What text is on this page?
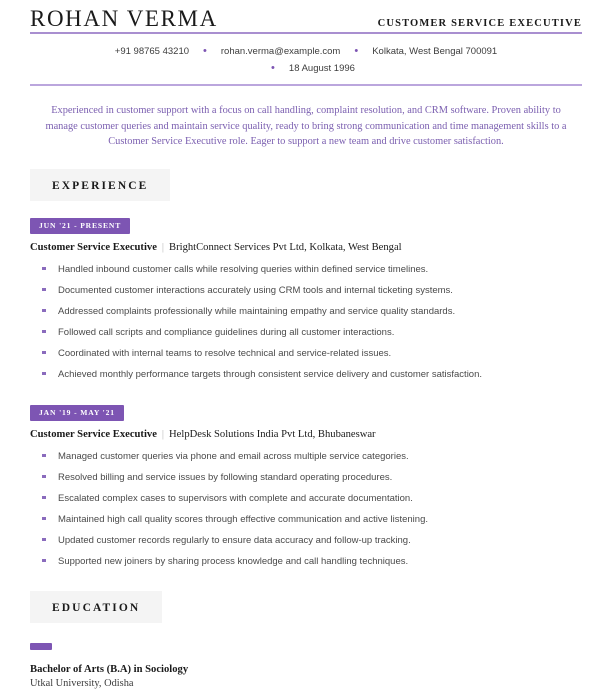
ROHAN VERMA	CUSTOMER SERVICE EXECUTIVE
+91 98765 43210 • rohan.verma@example.com • Kolkata, West Bengal 700091
• 18 August 1996
Experienced in customer support with a focus on call handling, complaint resolution, and CRM software. Proven ability to manage customer queries and maintain service quality, ready to bring strong communication and time management skills to a Customer Service Executive role. Eager to support a new team and drive customer satisfaction.
EXPERIENCE
JUN '21 - PRESENT
Customer Service Executive | BrightConnect Services Pvt Ltd, Kolkata, West Bengal
Handled inbound customer calls while resolving queries within defined service timelines.
Documented customer interactions accurately using CRM tools and internal ticketing systems.
Addressed complaints professionally while maintaining empathy and service quality standards.
Followed call scripts and compliance guidelines during all customer interactions.
Coordinated with internal teams to resolve technical and service-related issues.
Achieved monthly performance targets through consistent service delivery and customer satisfaction.
JAN '19 - MAY '21
Customer Service Executive | HelpDesk Solutions India Pvt Ltd, Bhubaneswar
Managed customer queries via phone and email across multiple service categories.
Resolved billing and service issues by following standard operating procedures.
Escalated complex cases to supervisors with complete and accurate documentation.
Maintained high call quality scores through effective communication and active listening.
Updated customer records regularly to ensure data accuracy and follow-up tracking.
Supported new joiners by sharing process knowledge and call handling techniques.
EDUCATION
Bachelor of Arts (B.A) in Sociology
Utkal University, Odisha
